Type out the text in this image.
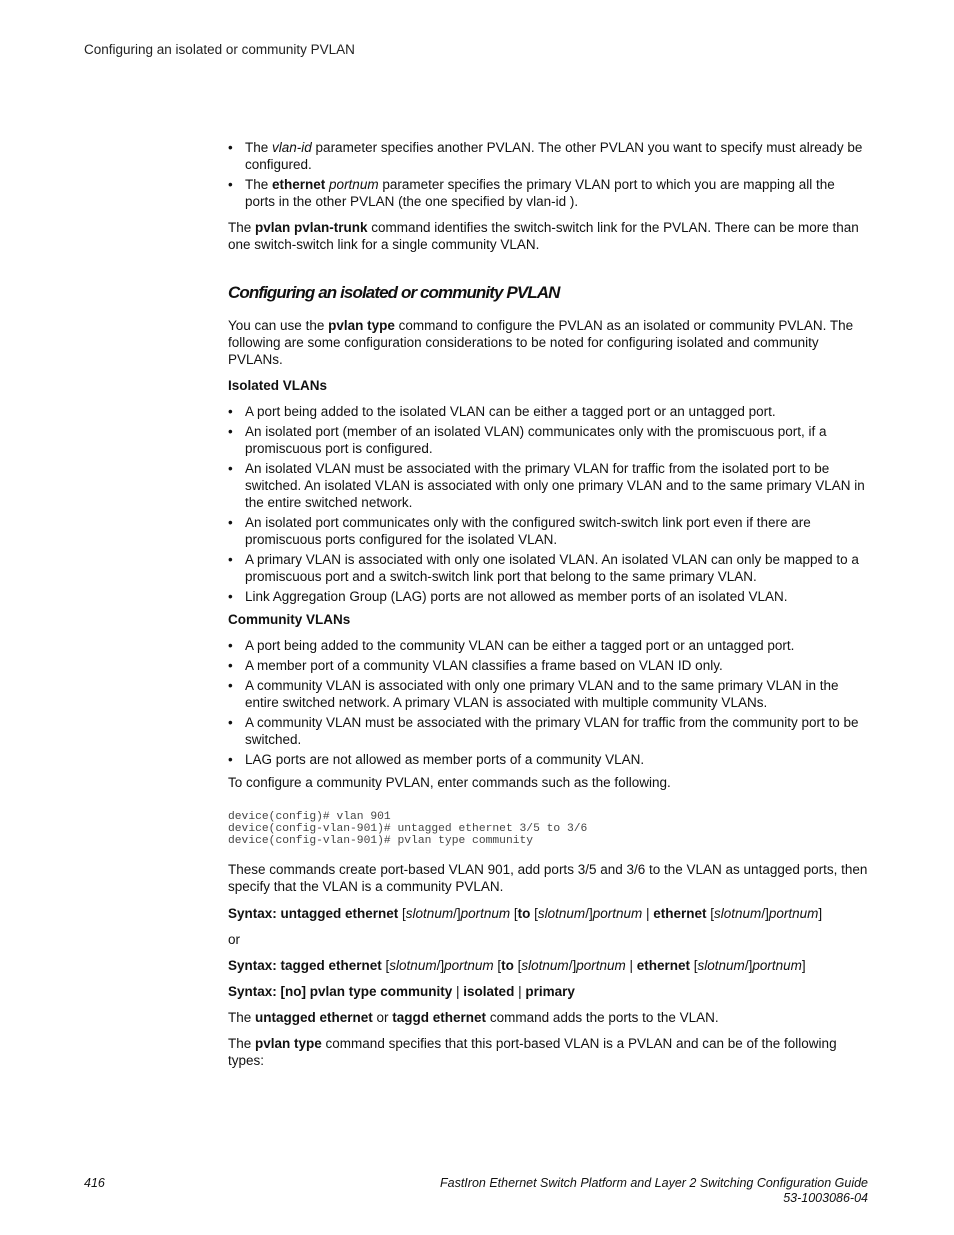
Configuring an isolated or community PVLAN
• The vlan-id parameter specifies another PVLAN. The other PVLAN you want to specify must already be configured.
• The ethernet portnum parameter specifies the primary VLAN port to which you are mapping all the ports in the other PVLAN (the one specified by vlan-id ).

The pvlan pvlan-trunk command identifies the switch-switch link for the PVLAN. There can be more than one switch-switch link for a single community VLAN.

Configuring an isolated or community PVLAN

You can use the pvlan type command to configure the PVLAN as an isolated or community PVLAN. The following are some configuration considerations to be noted for configuring isolated and community PVLANs.

Isolated VLANs

• A port being added to the isolated VLAN can be either a tagged port or an untagged port.
• An isolated port (member of an isolated VLAN) communicates only with the promiscuous port, if a promiscuous port is configured.
• An isolated VLAN must be associated with the primary VLAN for traffic from the isolated port to be switched. An isolated VLAN is associated with only one primary VLAN and to the same primary VLAN in the entire switched network.
• An isolated port communicates only with the configured switch-switch link port even if there are promiscuous ports configured for the isolated VLAN.
• A primary VLAN is associated with only one isolated VLAN. An isolated VLAN can only be mapped to a promiscuous port and a switch-switch link port that belong to the same primary VLAN.
• Link Aggregation Group (LAG) ports are not allowed as member ports of an isolated VLAN.

Community VLANs

• A port being added to the community VLAN can be either a tagged port or an untagged port.
• A member port of a community VLAN classifies a frame based on VLAN ID only.
• A community VLAN is associated with only one primary VLAN and to the same primary VLAN in the entire switched network. A primary VLAN is associated with multiple community VLANs.
• A community VLAN must be associated with the primary VLAN for traffic from the community port to be switched.
• LAG ports are not allowed as member ports of a community VLAN.

To configure a community PVLAN, enter commands such as the following.

device(config)# vlan 901
device(config-vlan-901)# untagged ethernet 3/5 to 3/6
device(config-vlan-901)# pvlan type community

These commands create port-based VLAN 901, add ports 3/5 and 3/6 to the VLAN as untagged ports, then specify that the VLAN is a community PVLAN.

Syntax: untagged ethernet [slotnum/]portnum [to [slotnum/]portnum | ethernet [slotnum/]portnum]

or

Syntax: tagged ethernet [slotnum/]portnum [to [slotnum/]portnum | ethernet [slotnum/]portnum]

Syntax: [no] pvlan type community | isolated | primary

The untagged ethernet or taggd ethernet command adds the ports to the VLAN.

The pvlan type command specifies that this port-based VLAN is a PVLAN and can be of the following types:

416	FastIron Ethernet Switch Platform and Layer 2 Switching Configuration Guide
53-1003086-04
